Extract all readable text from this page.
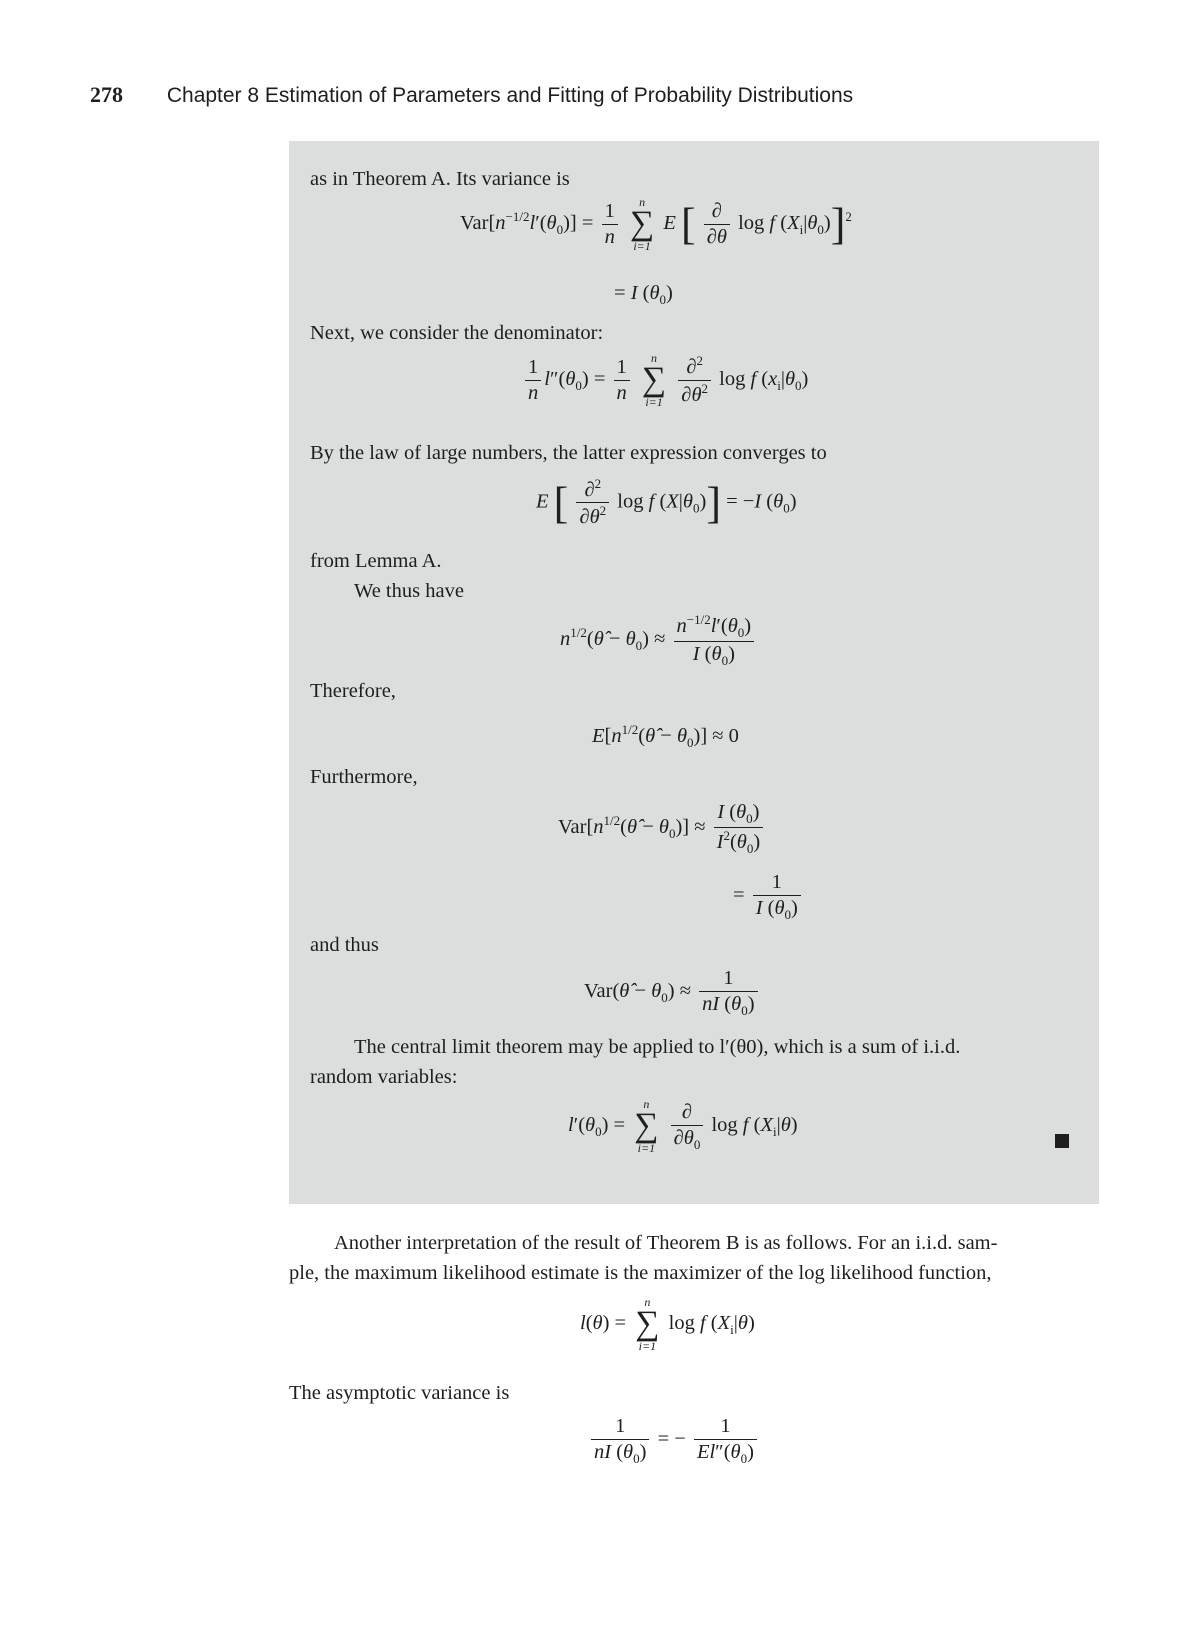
278 Chapter 8 Estimation of Parameters and Fitting of Probability Distributions
as in Theorem A. Its variance is
$Var[n^{-1/2}l'(\theta_0)] = \frac{1}{n}$
	n
∑
i=1
E [ $\frac{\partial}{\partial\theta}$ log f $(X_i|\theta_0)]^2$
= I $(\theta_0)$
Next, we consider the denominator:
$\frac{1}{n} l''(\theta_0) = \frac{1}{n}$
	n
∑
i=1
$\frac{\partial^2}{\partial\theta^2}$ log f $(x_i|\theta_0)$
By the law of large numbers, the latter expression converges to
E [ $\frac{\partial^2}{\partial\theta^2}$ log f $(X|\theta_0)] = -I$ $(\theta_0)$
from Lemma A.
We thus have
$n^{1/2}(\thetâ - \theta_0) \approx \frac{n^{-1/2}l'(\theta_0)}{I (\theta_0)}$
Therefore,
$E[n^{1/2}(\thetâ - \theta_0)] \approx 0$
Furthermore,
$Var[n^{1/2}(\thetâ - \theta_0)] \approx \frac{I (\theta_0)}{I^2(\theta_0)}$
= $\frac{1}{I (\theta_0)}$
and thus
Var(θ̂ − $\theta_0) \approx \frac{1}{nI (\theta_0)}$
The central limit theorem may be applied to l′(θ0), which is a sum of i.i.d.
random variables:
$l'(\theta_0)$ =
n
∑
i=1
$\frac{\partial}{\partial\theta_0}$ log f $(X_i|\theta)$
Another interpretation of the result of Theorem B is as follows. For an i.i.d. sam-
ple, the maximum likelihood estimate is the maximizer of the log likelihood function,
l(θ) =
n
∑
i=1
log f $(X_i|\theta)$
The asymptotic variance is
$\frac{1}{nI (\theta_0)}$ = − $\frac{1}{El''(\theta_0)}$
